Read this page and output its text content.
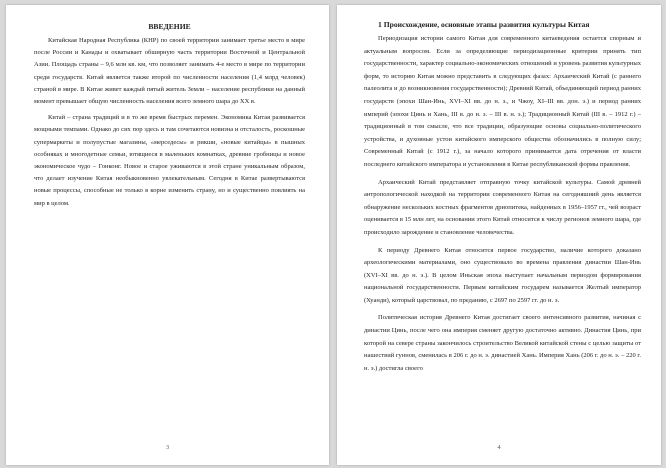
ВВЕДЕНИЕ

Китайская Народная Республика (КНР) по своей территории занимает третье место в мире после России и Канады и охватывает обширную часть территории Восточной и Центральной Азии. Площадь страны – 9,6 млн кв. км, что позволяет занимать 4-е место в мире по территории среди государств. Китай является также второй по численности населения (1,4 млрд человек) страной в мире. В Китае живет каждый пятый житель Земли – население республики на данный момент превышает общую численность населения всего земного шара до XX в.

Китай – страна традиций и в то же время быстрых перемен. Экономика Китая развивается мощными темпами. Однако до сих пор здесь и там сочетаются новизна и отсталость, роскошные супермаркеты и полупустые магазины, «мерседесы» и рикши, «новые китайцы» в пышных особняках и многодетные семьи, ютящиеся в маленьких комнатках, древние гробницы и новое экономическое чудо – Гонконг. Новое и старое уживаются в этой стране уникальным образом, что делает изучение Китая необыкновенно увлекательным. Сегодня в Китае развертываются новые процессы, способные не только в корне изменить страну, но и существенно повлиять на мир в целом.

3
1 Происхождение, основные этапы развития культуры Китая

Периодизация истории самого Китая для современного китаеведения остается спорным и актуальным вопросом. Если за определяющие периодизационные критерии принять тип государственности, характер социально-экономических отношений и уровень развития культурных форм, то историю Китая можно представить в следующих фазах: Архаический Китай (с раннего палеолита и до возникновения государственности); Древний Китай, объединяющий период ранних государств (эпохи Шан-Инь, XVI–XI вв. до н. э., и Чжоу, XI–III вв. дон. э.) и период ранних империй (эпохи Цинь и Хань, III в. до н. э. – III в. н. э.); Традиционный Китай (III в. – 1912 г.) – традиционный в том смысле, что все традиции, образующие основы социально-политического устройства, и духовные устои китайского имперского общества обозначились в полную силу; Современный Китай (с 1912 г.), за начало которого принимается дата отречения от власти последнего китайского императора и установления в Китае республиканской формы правления.

Архаический Китай представляет отправную точку китайской культуры. Самой древней антропологической находкой на территории современного Китая на сегодняшний день является обнаружение нескольких костных фрагментов дриопитека, найденных в 1956–1957 гг., чей возраст оценивается в 15 млн лет, на основании этого Китай относится к числу регионов земного шара, где происходило зарождение и становление человечества.

К периоду Древнего Китая относится первое государство, наличие которого доказано археологическими материалами, оно существовало во времена правления династии Шан-Инь (XVI–XI вв. до н. э.). В целом Иньская эпоха выступает начальным периодом формирования национальной государственности. Первым китайским государем называется Желтый император (Хуанди), который царствовал, по преданию, с 2697 по 2597 гг. до н. э.

Политическая история Древнего Китая достигает своего интенсивного развития, начиная с династии Цинь, после чего она империя сменяет другую достаточно активно. Династия Цинь, при которой на севере страны закончилось строительство Великой китайской стены с целью защиты от нашествий гуннов, сменилась в 206 г. до н. э. династией Хань. Империя Хань (206 г. до н. э. – 220 г. н. э.) достигла своего

4
